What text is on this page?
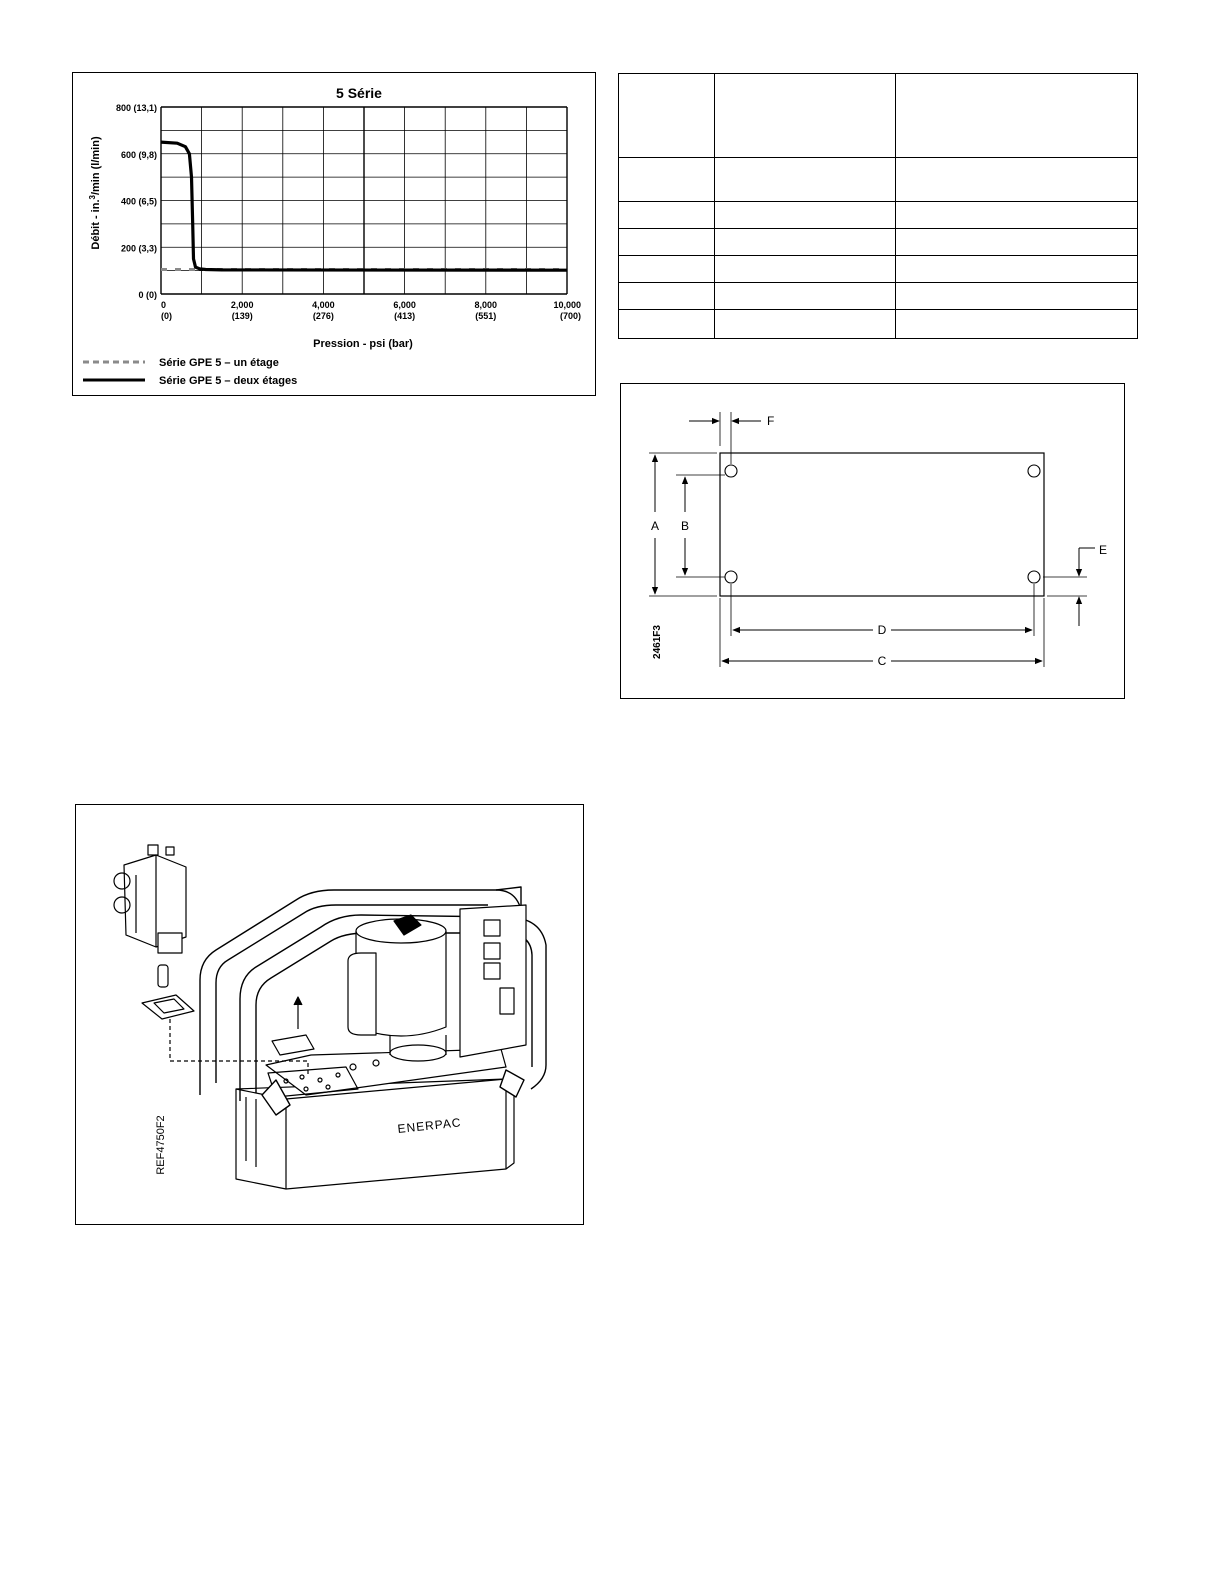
5 Série
0 (0)
200 (3,3)
400 (6,5)
600 (9,8)
800 (13,1)
0
(0)
2,000
(139)
4,000
(276)
6,000
(413)
8,000
(551)
10,000
(700)
Débit - in.$^3$/min (l/min)
Pression - psi (bar)
Série GPE 5 – un étage
Série GPE 5 – deux étages

A B
F
E
D
C
2461F3
ENERPAC
REF4750F2
